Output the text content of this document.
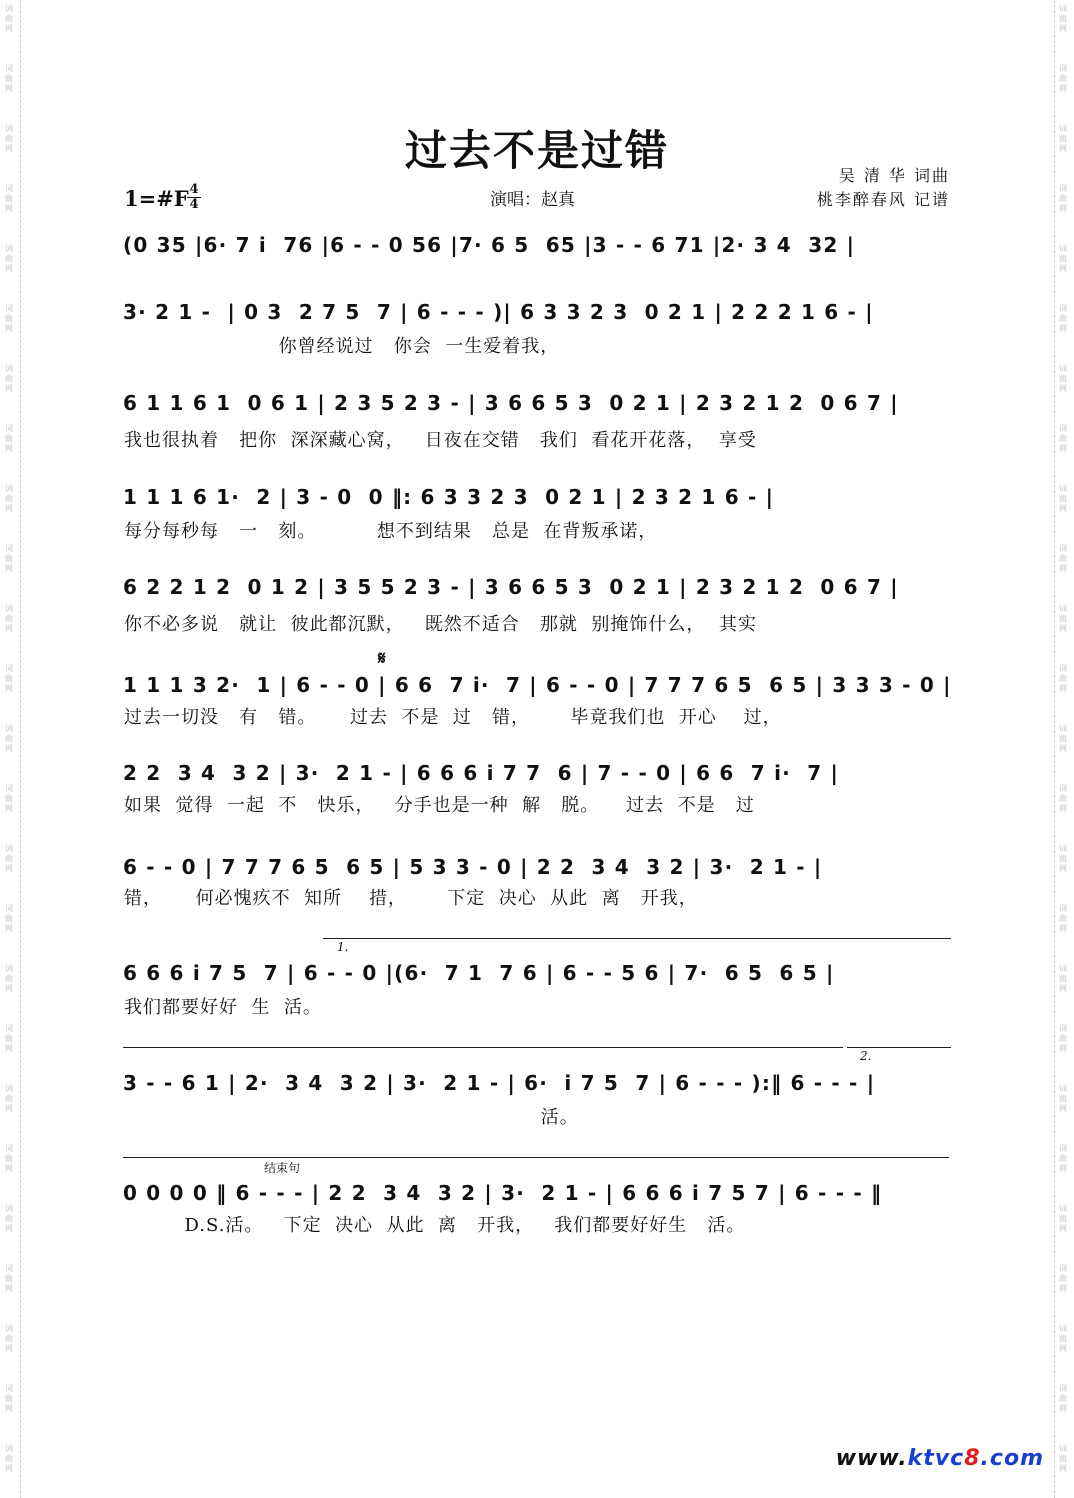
词曲网
词曲网
词曲网
词曲网
词曲网
词曲网
词曲网
词曲网
词曲网
词曲网
词曲网
词曲网
词曲网
词曲网
词曲网
词曲网
词曲网
词曲网
词曲网
词曲网
词曲网
词曲网
词曲网
词曲网
词曲网
词曲网
词曲网
词曲网
词曲网
词曲网
词曲网
词曲网
词曲网
词曲网
词曲网
词曲网
词曲网
词曲网
词曲网
词曲网
词曲网
词曲网
词曲网
词曲网
词曲网
词曲网
词曲网
词曲网
词曲网
词曲网
过去不是过错
1=#F 4
4	演唱：赵真
吴 清 华 词曲
桃李醉春风 记谱
(0 35 |6· 7 i  76 |6 - - 0 56 |7· 6 5  65 |3 - - 6 71 |2· 3 4  32 |
3· 2 1 -  | 0 3  2 7 5  7 | 6 - - - )| 6 3 3 2 3  0 2 1 | 2 2 2 1 6 - |
你曾经说过   你会  一生爱着我，
6 1 1 6 1  0 6 1 | 2 3 5 2 3 - | 3 6 6 5 3  0 2 1 | 2 3 2 1 2  0 6 7 |
我也很执着   把你  深深藏心窝，   日夜在交错   我们  看花开花落，  享受
1 1 1 6 1·  2 | 3 - 0  0 ‖: 6 3 3 2 3  0 2 1 | 2 3 2 1 6 - |
每分每秒每   一   刻。         想不到结果   总是  在背叛承诺，
6 2 2 1 2  0 1 2 | 3 5 5 2 3 - | 3 6 6 5 3  0 2 1 | 2 3 2 1 2  0 6 7 |
你不必多说   就让  彼此都沉默，   既然不适合   那就  别掩饰什么，  其实
𝄋
1 1 1 3 2·  1 | 6 - - 0 | 6 6  7 i·  7 | 6 - - 0 | 7 7 7 6 5  6 5 | 3 3 3 - 0 |
过去一切没   有   错。     过去  不是  过   错，      毕竟我们也  开心    过，
2 2  3 4  3 2 | 3·  2 1 - | 6 6 6 i 7 7  6 | 7 - - 0 | 6 6  7 i·  7 |
如果  觉得  一起  不   快乐，   分手也是一种  解   脱。    过去  不是   过
6 - - 0 | 7 7 7 6 5  6 5 | 5 3 3 - 0 | 2 2  3 4  3 2 | 3·  2 1 - |
错，     何必愧疚不  知所    措，      下定  决心  从此  离   开我，
1.
6 6 6 i 7 5  7 | 6 - - 0 |(6·  7 1  7 6 | 6 - - 5 6 | 7·  6 5  6 5 |
我们都要好好  生  活。
2.
3 - - 6 1 | 2·  3 4  3 2 | 3·  2 1 - | 6·  i 7 5  7 | 6 - - - ):‖ 6 - - - |
活。
结束句
0 0 0 0 ‖ 6 - - - | 2 2  3 4  3 2 | 3·  2 1 - | 6 6 6 i 7 5 7 | 6 - - - ‖
D.S.活。   下定  决心  从此  离   开我，   我们都要好好生   活。
www.ktvc8.com
